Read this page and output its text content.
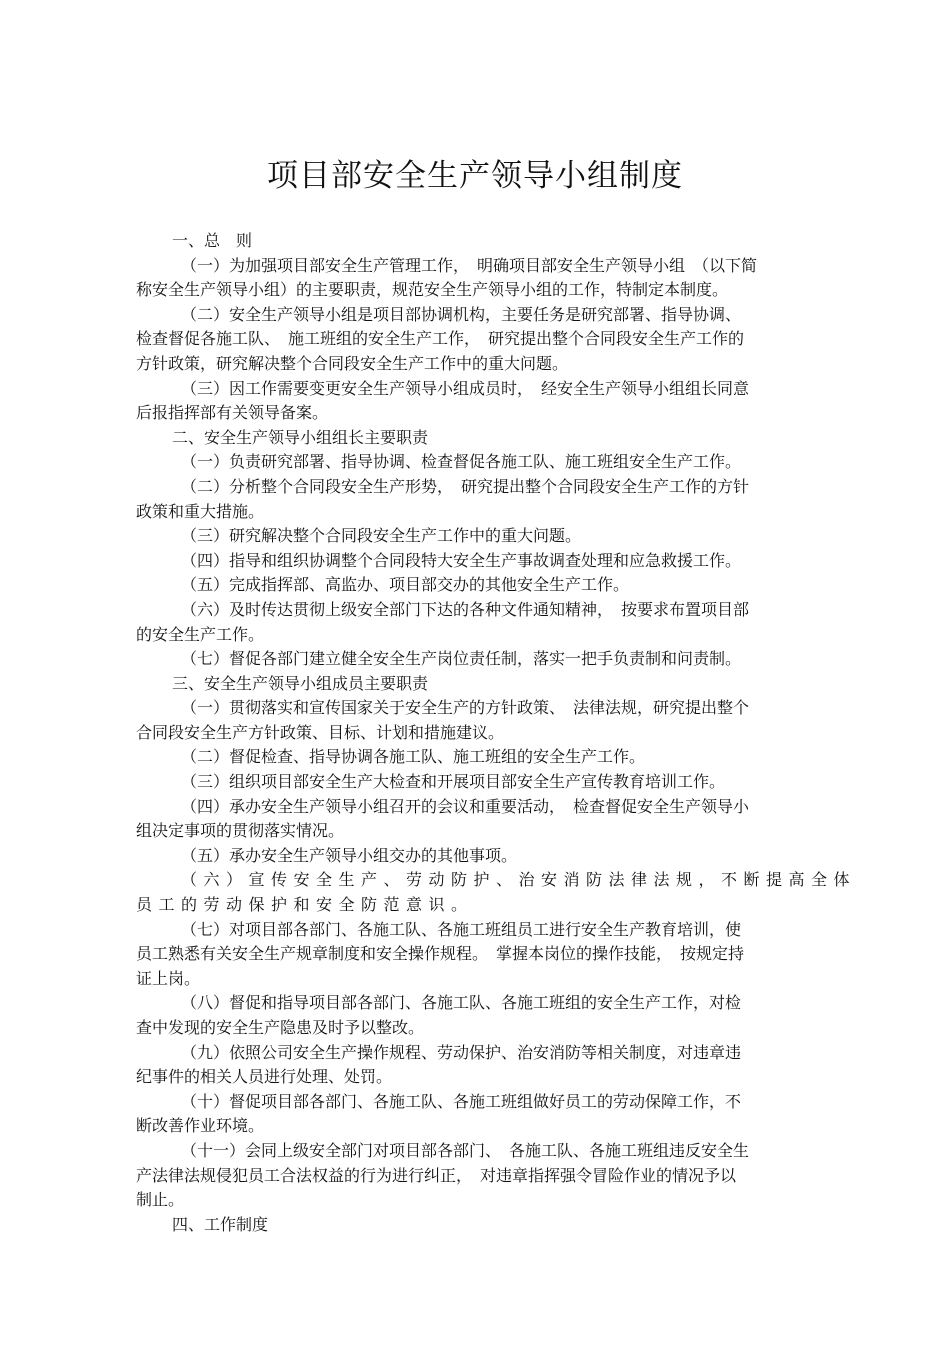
项目部安全生产领导小组制度

一、总　则

（一）为加强项目部安全生产管理工作，　明确项目部安全生产领导小组　（以下简

称安全生产领导小组）的主要职责，规范安全生产领导小组的工作，特制定本制度。

（二）安全生产领导小组是项目部协调机构，主要任务是研究部署、指导协调、

检查督促各施工队、　施工班组的安全生产工作，　研究提出整个合同段安全生产工作的

方针政策，研究解决整个合同段安全生产工作中的重大问题。

（三）因工作需要变更安全生产领导小组成员时，　经安全生产领导小组组长同意

后报指挥部有关领导备案。

二、安全生产领导小组组长主要职责

（一）负责研究部署、指导协调、检查督促各施工队、施工班组安全生产工作。

（二）分析整个合同段安全生产形势，　研究提出整个合同段安全生产工作的方针

政策和重大措施。

（三）研究解决整个合同段安全生产工作中的重大问题。

（四）指导和组织协调整个合同段特大安全生产事故调查处理和应急救援工作。

（五）完成指挥部、高监办、项目部交办的其他安全生产工作。

（六）及时传达贯彻上级安全部门下达的各种文件通知精神，　按要求布置项目部

的安全生产工作。

（七）督促各部门建立健全安全生产岗位责任制，落实一把手负责制和问责制。

三、安全生产领导小组成员主要职责

（一）贯彻落实和宣传国家关于安全生产的方针政策、　法律法规，研究提出整个

合同段安全生产方针政策、目标、计划和措施建议。

（二）督促检查、指导协调各施工队、施工班组的安全生产工作。

（三）组织项目部安全生产大检查和开展项目部安全生产宣传教育培训工作。

（四）承办安全生产领导小组召开的会议和重要活动，　检查督促安全生产领导小

组决定事项的贯彻落实情况。

（五）承办安全生产领导小组交办的其他事项。

（六）宣传安全生产、劳动防护、治安消防法律法规，不断提高全体

员工的劳动保护和安全防范意识。

（七）对项目部各部门、各施工队、各施工班组员工进行安全生产教育培训，使

员工熟悉有关安全生产规章制度和安全操作规程。　掌握本岗位的操作技能，　按规定持

证上岗。

（八）督促和指导项目部各部门、各施工队、各施工班组的安全生产工作，对检

查中发现的安全生产隐患及时予以整改。

（九）依照公司安全生产操作规程、劳动保护、治安消防等相关制度，对违章违

纪事件的相关人员进行处理、处罚。

（十）督促项目部各部门、各施工队、各施工班组做好员工的劳动保障工作，不

断改善作业环境。

（十一）会同上级安全部门对项目部各部门、　各施工队、各施工班组违反安全生

产法律法规侵犯员工合法权益的行为进行纠正，　对违章指挥强令冒险作业的情况予以

制止。

四、工作制度
